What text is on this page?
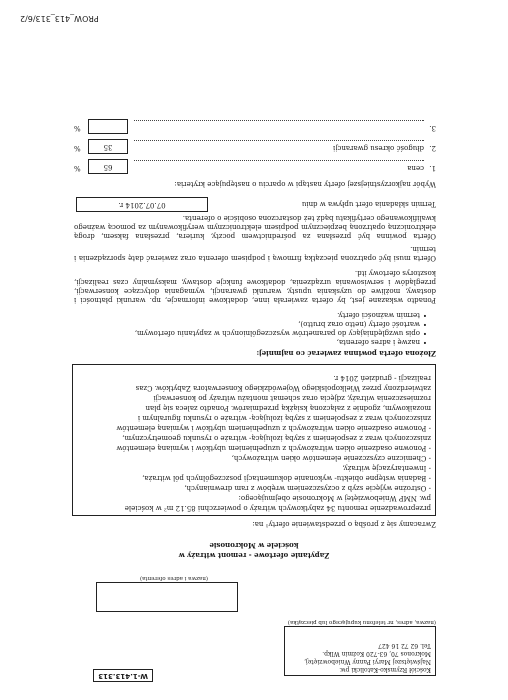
W-1.413.313
Kościół Rzymsko-Katolicki pw.
Najświętszej Maryi Panny Wniebowziętej,
Mokronos 70, 63-720 Koźmin Wlkp.
Tel. 62 72 16 427
(nazwa, adres, nr telefonu kupującego lub pieczątka)
(nazwa i adres oferenta)
Zapytanie ofertowe - remont witraży w
kościele w Mokronosie
Zwracamy się z prośbą o przedstawienie oferty¹ na:
przeprowadzenie remontu 34 zabytkowych witraży o powierzchni 85.12 m² w kościele
pw. NMP Wniebowziętej w Mokronosie obejmującego:
- Ostrożne wyjęcie szyb z oczyszczeniem wrębów z ram drewnianych,
- Badania wstępne obiektu- wykonanie dokumentacji poszczególnych pól witraża,
- Inwentaryzację witraży,
- Chemiczne czyszczenie elementów okien witrażowych,
- Ponowne osadzenie okien witrażowych z uzupełnieniem ubytków i wymianą elementów
zniszczonych wraz z zespoleniem z szybą izolującą- witraże o rysunku geometrycznym,
- Ponowne osadzenie okien witrażowych z uzupełnieniem ubytków i wymianą elementów
zniszczonych wraz z zespoleniem z szybą izolującą- witraże o rysunku figuralnym i
mozaikowym, zgodnie z załączoną książką przedmiarów. Ponadto zaleca się plan
rozmieszczenia witraży, zdjęcia oraz schemat montażu witraży po konserwacji
zatwierdzony przez Wielkopolskiego Wojewódzkiego Konserwatora Zabytków. Czas
realizacji - grudzień 2014 r.
Złożona oferta powinna zawierać co najmniej:
• nazwę i adres oferenta,
• opis uwzględniający do parametrów wyszczególnionych w zapytaniu ofertowym,
• wartość oferty (netto oraz brutto),
• termin ważności oferty.
Ponadto wskazane jest, by oferta zawierała inne, dodatkowe informacje, np. warunki płatności i dostawy, możliwe do uzyskania upusty, warunki gwarancji, wymagania dotyczące konserwacji, przeglądów i serwisowania urządzenia, dodatkowe funkcje dostawy, maksymalny czas realizacji, kosztorys ofertowy itd.
Oferta musi być opatrzona pieczątką firmową i podpisem oferenta oraz zawierać datę sporządzenia i termin.
Oferta powinna być przesłana za pośrednictwem poczty, kuriera, przesłana faksem, drogą elektroniczną opatrzoną bezpiecznym podpisem elektronicznym weryfikowanym za pomocą ważnego kwalifikowanego certyfikatu bądź też dostarczona osobiście o oferenta.
Termin składania ofert upływa w dniu
07.07.2014 r.
Wybór najkorzystniejszej oferty nastąpi w oparciu o następujące kryteria:
1.
cena
65
%
2.
długość okresu gwarancji
35
%
3.
%
PROW_413_313/6/2
